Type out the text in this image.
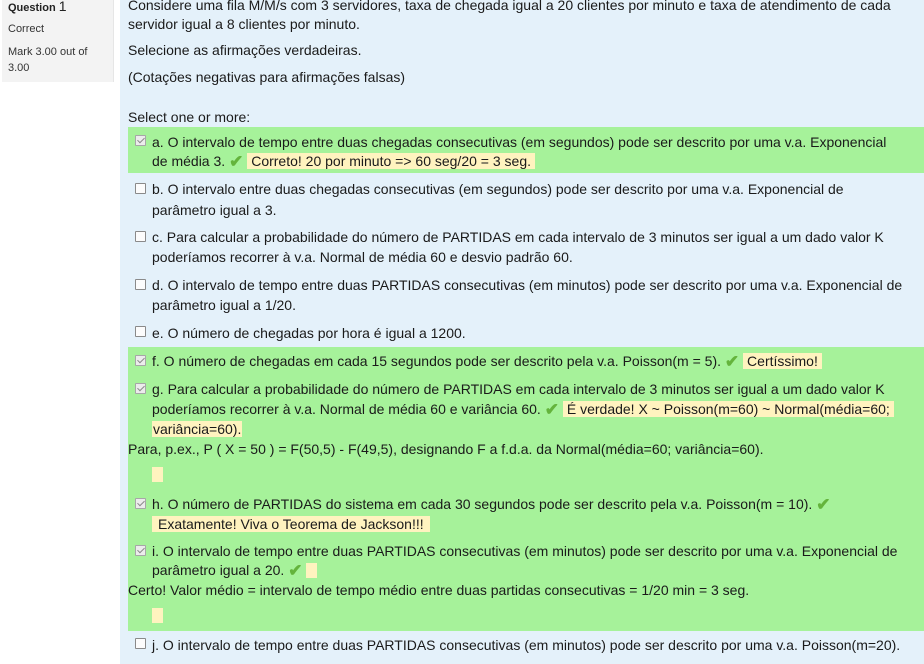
Question 1
Correct
Mark 3.00 out of
3.00
Considere uma fila M/M/s com 3 servidores, taxa de chegada igual a 20 clientes por minuto e taxa de atendimento de cada
servidor igual a 8 clientes por minuto.
Selecione as afirmações verdadeiras.
(Cotações negativas para afirmações falsas)
Select one or more:
a. O intervalo de tempo entre duas chegadas consecutivas (em segundos) pode ser descrito por uma v.a. Exponencial
de média 3. ✔ Correto! 20 por minuto => 60 seg/20 = 3 seg.
b. O intervalo entre duas chegadas consecutivas (em segundos) pode ser descrito por uma v.a. Exponencial de
parâmetro igual a 3.
c. Para calcular a probabilidade do número de PARTIDAS em cada intervalo de 3 minutos ser igual a um dado valor K
poderíamos recorrer à v.a. Normal de média 60 e desvio padrão 60.
d. O intervalo de tempo entre duas PARTIDAS consecutivas (em minutos) pode ser descrito por uma v.a. Exponencial de
parâmetro igual a 1/20.
e. O número de chegadas por hora é igual a 1200.
f. O número de chegadas em cada 15 segundos pode ser descrito pela v.a. Poisson(m = 5). ✔ Certíssimo!
g. Para calcular a probabilidade do número de PARTIDAS em cada intervalo de 3 minutos ser igual a um dado valor K
poderíamos recorrer à v.a. Normal de média 60 e variância 60. ✔ É verdade! X ~ Poisson(m=60) ~ Normal(média=60;
variância=60).
Para, p.ex., P ( X = 50 ) = F(50,5) - F(49,5), designando F a f.d.a. da Normal(média=60; variância=60).
h. O número de PARTIDAS do sistema em cada 30 segundos pode ser descrito pela v.a. Poisson(m = 10). ✔
Exatamente! Viva o Teorema de Jackson!!!
i. O intervalo de tempo entre duas PARTIDAS consecutivas (em minutos) pode ser descrito por uma v.a. Exponencial de
parâmetro igual a 20. ✔
Certo! Valor médio = intervalo de tempo médio entre duas partidas consecutivas = 1/20 min = 3 seg.
j. O intervalo de tempo entre duas PARTIDAS consecutivas (em minutos) pode ser descrito por uma v.a. Poisson(m=20).
